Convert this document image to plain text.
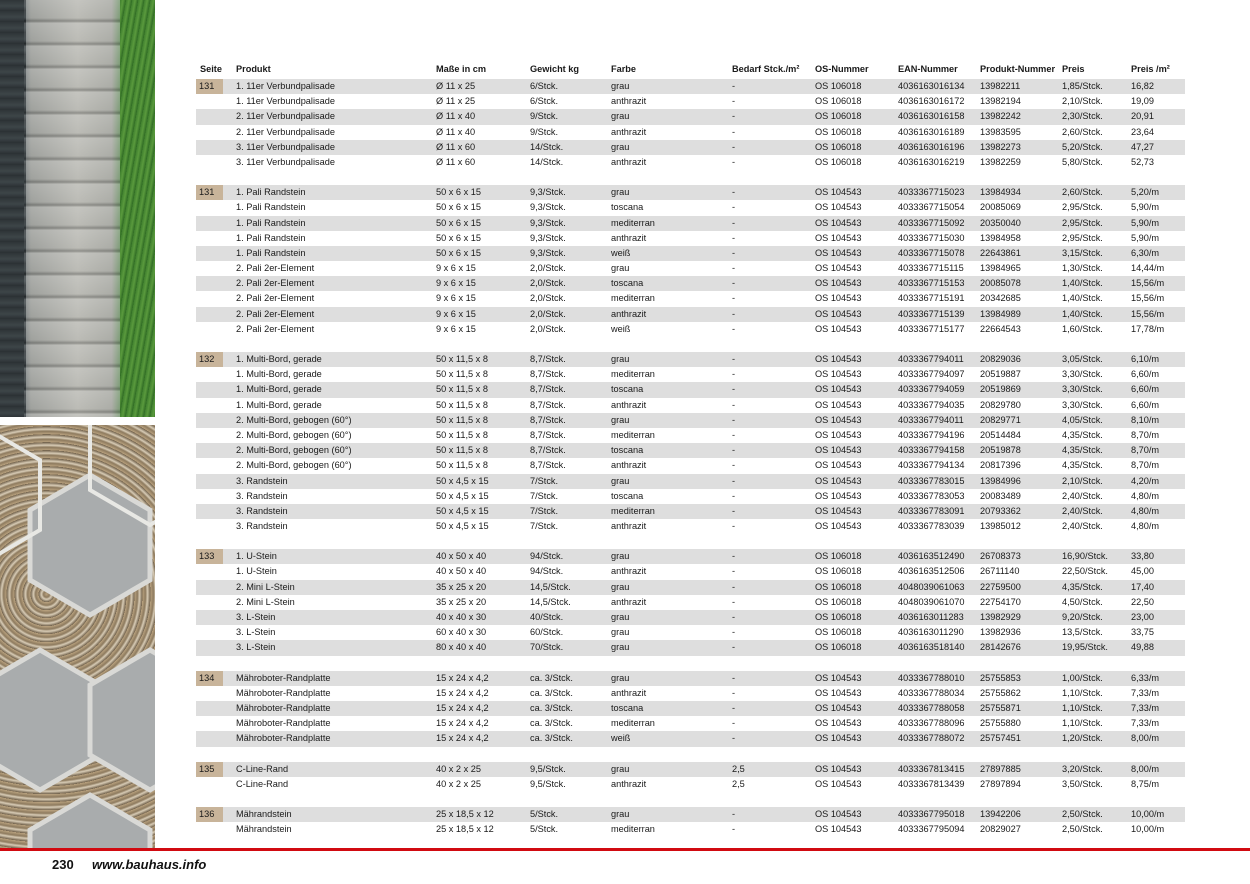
Seite Produkt	Maße in cm	Gewicht kg	Farbe	Bedarf Stck./m² OS-Nummer	EAN-Nummer Produkt-Nummer Preis	Preis /m²
131	1. 11er Verbundpalisade	Ø 11 x 25	6/Stck.	grau	-	OS 106018	4036163016134 13982211	1,85/Stck.	16,82
1. 11er Verbundpalisade	Ø 11 x 25	6/Stck.	anthrazit	-	OS 106018	4036163016172 13982194	2,10/Stck.	19,09
2. 11er Verbundpalisade	Ø 11 x 40	9/Stck.	grau	-	OS 106018	4036163016158 13982242	2,30/Stck.	20,91
2. 11er Verbundpalisade	Ø 11 x 40	9/Stck.	anthrazit	-	OS 106018	4036163016189 13983595	2,60/Stck.	23,64
3. 11er Verbundpalisade	Ø 11 x 60	14/Stck.	grau	-	OS 106018	4036163016196 13982273	5,20/Stck.	47,27
3. 11er Verbundpalisade	Ø 11 x 60	14/Stck.	anthrazit	-	OS 106018	4036163016219 13982259	5,80/Stck.	52,73
131	1. Pali Randstein	50 x 6 x 15	9,3/Stck.	grau	-	OS 104543	4033367715023 13984934	2,60/Stck.	5,20/m
1. Pali Randstein	50 x 6 x 15	9,3/Stck.	toscana	-	OS 104543	4033367715054 20085069	2,95/Stck.	5,90/m
1. Pali Randstein	50 x 6 x 15	9,3/Stck.	mediterran	-	OS 104543	4033367715092 20350040	2,95/Stck.	5,90/m
1. Pali Randstein	50 x 6 x 15	9,3/Stck.	anthrazit	-	OS 104543	4033367715030 13984958	2,95/Stck.	5,90/m
1. Pali Randstein	50 x 6 x 15	9,3/Stck.	weiß	-	OS 104543	4033367715078 22643861	3,15/Stck.	6,30/m
2. Pali 2er-Element	9 x 6 x 15	2,0/Stck.	grau	-	OS 104543	4033367715115 13984965	1,30/Stck.	14,44/m
2. Pali 2er-Element	9 x 6 x 15	2,0/Stck.	toscana	-	OS 104543	4033367715153 20085078	1,40/Stck.	15,56/m
2. Pali 2er-Element	9 x 6 x 15	2,0/Stck.	mediterran	-	OS 104543	4033367715191 20342685	1,40/Stck.	15,56/m
2. Pali 2er-Element	9 x 6 x 15	2,0/Stck.	anthrazit	-	OS 104543	4033367715139 13984989	1,40/Stck.	15,56/m
2. Pali 2er-Element	9 x 6 x 15	2,0/Stck.	weiß	-	OS 104543	4033367715177 22664543	1,60/Stck.	17,78/m
132	1. Multi-Bord, gerade	50 x 11,5 x 8	8,7/Stck.	grau	-	OS 104543	4033367794011 20829036	3,05/Stck.	6,10/m
1. Multi-Bord, gerade	50 x 11,5 x 8	8,7/Stck.	mediterran	-	OS 104543	4033367794097 20519887	3,30/Stck.	6,60/m
1. Multi-Bord, gerade	50 x 11,5 x 8	8,7/Stck.	toscana	-	OS 104543	4033367794059 20519869	3,30/Stck.	6,60/m
1. Multi-Bord, gerade	50 x 11,5 x 8	8,7/Stck.	anthrazit	-	OS 104543	4033367794035 20829780	3,30/Stck.	6,60/m
2. Multi-Bord, gebogen (60°)	50 x 11,5 x 8	8,7/Stck.	grau	-	OS 104543	4033367794011 20829771	4,05/Stck.	8,10/m
2. Multi-Bord, gebogen (60°)	50 x 11,5 x 8	8,7/Stck.	mediterran	-	OS 104543	4033367794196 20514484	4,35/Stck.	8,70/m
2. Multi-Bord, gebogen (60°)	50 x 11,5 x 8	8,7/Stck.	toscana	-	OS 104543	4033367794158 20519878	4,35/Stck.	8,70/m
2. Multi-Bord, gebogen (60°)	50 x 11,5 x 8	8,7/Stck.	anthrazit	-	OS 104543	4033367794134 20817396	4,35/Stck.	8,70/m
3. Randstein	50 x 4,5 x 15	7/Stck.	grau	-	OS 104543	4033367783015 13984996	2,10/Stck.	4,20/m
3. Randstein	50 x 4,5 x 15	7/Stck.	toscana	-	OS 104543	4033367783053 20083489	2,40/Stck.	4,80/m
3. Randstein	50 x 4,5 x 15	7/Stck.	mediterran	-	OS 104543	4033367783091 20793362	2,40/Stck.	4,80/m
3. Randstein	50 x 4,5 x 15	7/Stck.	anthrazit	-	OS 104543	4033367783039 13985012	2,40/Stck.	4,80/m
133	1. U-Stein	40 x 50 x 40	94/Stck.	grau	-	OS 106018	4036163512490 26708373	16,90/Stck.	33,80
1. U-Stein	40 x 50 x 40	94/Stck.	anthrazit	-	OS 106018	4036163512506 26711140	22,50/Stck.	45,00
2. Mini L-Stein	35 x 25 x 20	14,5/Stck.	grau	-	OS 106018	4048039061063 22759500	4,35/Stck.	17,40
2. Mini L-Stein	35 x 25 x 20	14,5/Stck.	anthrazit	-	OS 106018	4048039061070 22754170	4,50/Stck.	22,50
3. L-Stein	40 x 40 x 30	40/Stck.	grau	-	OS 106018	4036163011283 13982929	9,20/Stck.	23,00
3. L-Stein	60 x 40 x 30	60/Stck.	grau	-	OS 106018	4036163011290 13982936	13,5/Stck.	33,75
3. L-Stein	80 x 40 x 40	70/Stck.	grau	-	OS 106018	4036163518140 28142676	19,95/Stck.	49,88
134	Mähroboter-Randplatte	15 x 24 x 4,2	ca. 3/Stck.	grau	-	OS 104543	4033367788010 25755853	1,00/Stck.	6,33/m
Mähroboter-Randplatte	15 x 24 x 4,2	ca. 3/Stck.	anthrazit	-	OS 104543	4033367788034 25755862	1,10/Stck.	7,33/m
Mähroboter-Randplatte	15 x 24 x 4,2	ca. 3/Stck.	toscana	-	OS 104543	4033367788058 25755871	1,10/Stck.	7,33/m
Mähroboter-Randplatte	15 x 24 x 4,2	ca. 3/Stck.	mediterran	-	OS 104543	4033367788096 25755880	1,10/Stck.	7,33/m
Mähroboter-Randplatte	15 x 24 x 4,2	ca. 3/Stck.	weiß	-	OS 104543	4033367788072 25757451	1,20/Stck.	8,00/m
135	C-Line-Rand	40 x 2 x 25	9,5/Stck.	grau	2,5	OS 104543	4033367813415 27897885	3,20/Stck.	8,00/m
C-Line-Rand	40 x 2 x 25	9,5/Stck.	anthrazit	2,5	OS 104543	4033367813439 27897894	3,50/Stck.	8,75/m
136	Mährandstein	25 x 18,5 x 12	5/Stck.	grau	-	OS 104543	4033367795018 13942206	2,50/Stck.	10,00/m
Mährandstein	25 x 18,5 x 12	5/Stck.	mediterran	-	OS 104543	4033367795094 20829027	2,50/Stck.	10,00/m
230 www.bauhaus.info
